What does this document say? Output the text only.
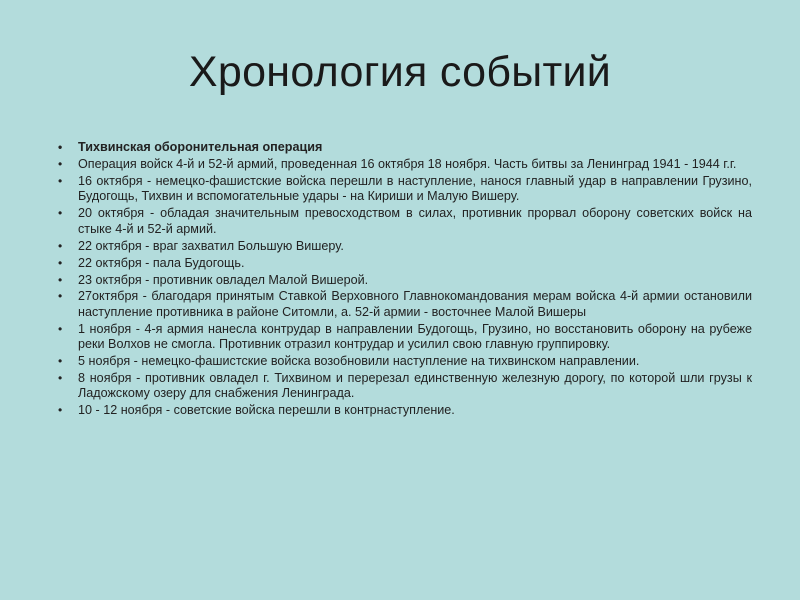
Хронология событий
• Тихвинская оборонительная операция
• Операция войск 4-й и 52-й армий, проведенная 16 октября 18 ноября. Часть битвы за Ленинград 1941 - 1944 г.г.
• 16 октября - немецко-фашистские войска перешли в наступление, нанося главный удар в направлении Грузино, Будогощь, Тихвин и вспомогательные удары - на Кириши и Малую Вишеру.
• 20 октября - обладая значительным превосходством в силах, противник прорвал оборону советских войск на стыке 4-й и 52-й армий.
• 22 октября - враг захватил Большую Вишеру.
• 22 октября - пала Будогощь.
• 23 октября - противник овладел Малой Вишерой.
• 27октября - благодаря принятым Ставкой Верховного Главнокомандования мерам войска 4-й армии остановили наступление противника в районе Ситомли, а. 52-й армии - восточнее Малой Вишеры
• 1 ноября - 4-я армия нанесла контрудар в направлении Будогощь, Грузино, но восстановить оборону на рубеже реки Волхов не смогла. Противник отразил контрудар и усилил свою главную группировку.
• 5 ноября - немецко-фашистские войска возобновили наступление на тихвинском направлении.
• 8 ноября - противник овладел г. Тихвином и перерезал единственную железную дорогу, по которой шли грузы к Ладожскому озеру для снабжения Ленинграда.
• 10 - 12 ноября - советские войска перешли в контрнаступление.
